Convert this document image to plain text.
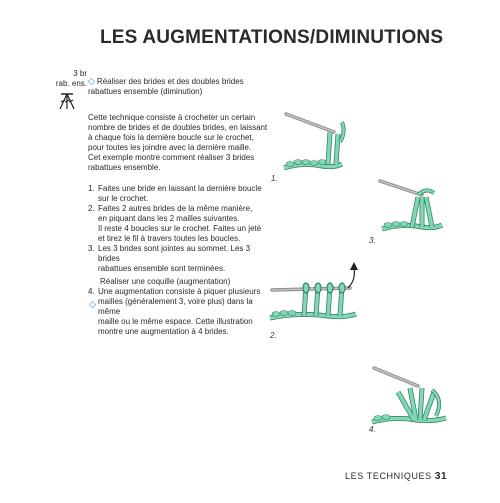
LES AUGMENTATIONS/DIMINUTIONS
3 br
rab. ens. ◇ Réaliser des brides et des doubles brides
rabattues ensemble (diminution)

Cette technique consiste à crocheter un certain

nombre de brides et de doubles brides, en laissant

à chaque fois la dernière boucle sur le crochet,

pour toutes les joindre avec la dernière maille.

Cet exemple montre comment réaliser 3 brides

rabattues ensemble.

1. Faites une bride en laissant la dernière boucle
sur le crochet.
2. Faites 2 autres brides de la même manière,
en piquant dans les 2 mailles suivantes.
Il reste 4 boucles sur le crochet. Faites un jeté
et tirez le fil à travers toutes les boucles.
3. Les 3 brides sont jointes au sommet. Les 3 brides
rabattues ensemble sont terminées.
Réaliser une coquille (augmentation)
4. Une augmentation consiste à piquer plusieurs
mailles (généralement 3, voire plus) dans la même
maille ou le même espace. Cette illustration
montre une augmentation à 4 brides.
◇
1.
3.
2.
4.
LES TECHNIQUES 31
